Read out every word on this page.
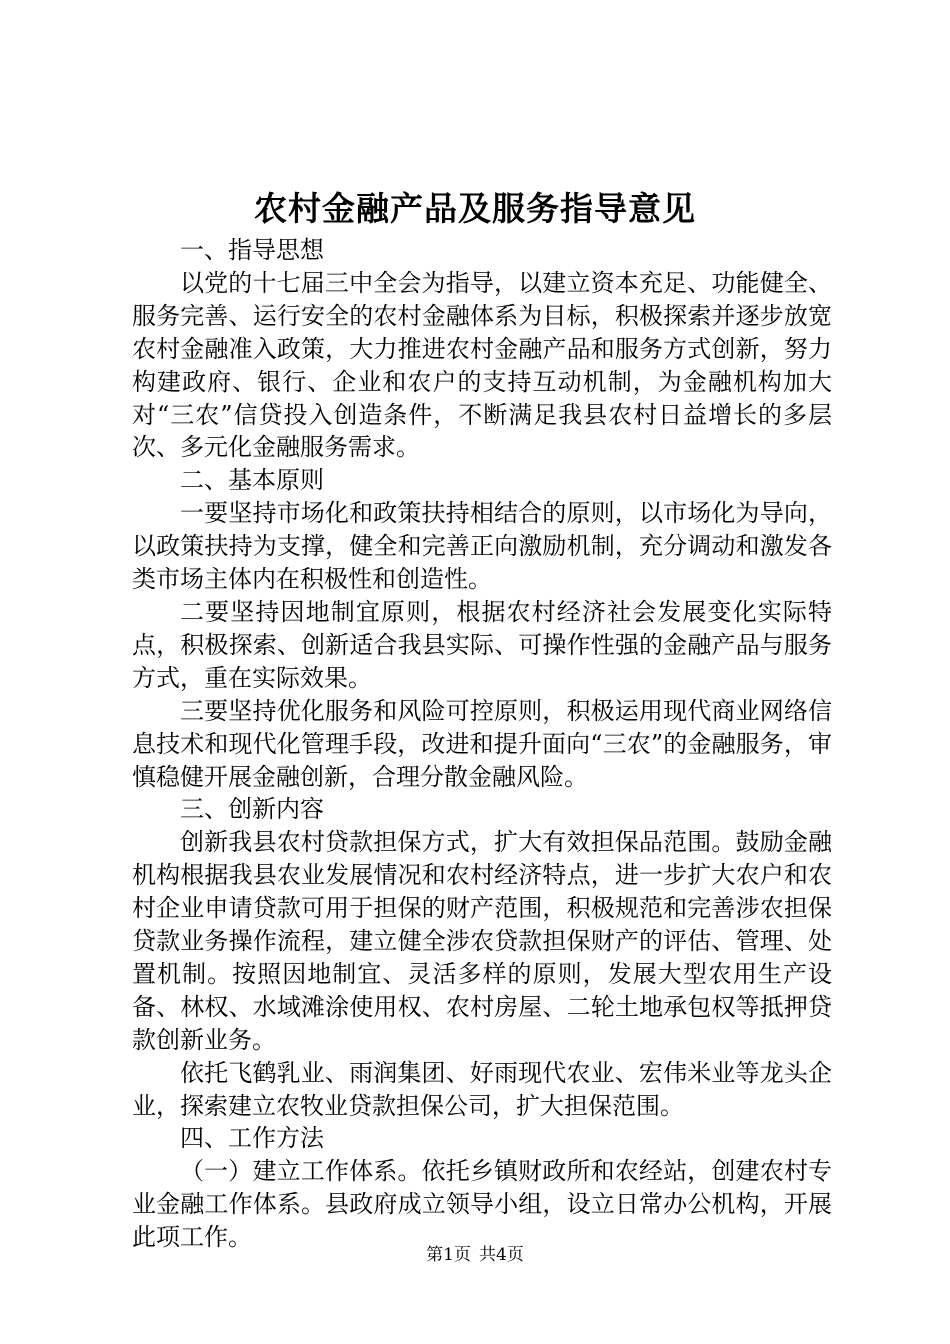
农村金融产品及服务指导意见

一、指导思想

以党的十七届三中全会为指导，以建立资本充足、功能健全、服务完善、运行安全的农村金融体系为目标，积极探索并逐步放宽农村金融准入政策，大力推进农村金融产品和服务方式创新，努力构建政府、银行、企业和农户的支持互动机制，为金融机构加大对“三农”信贷投入创造条件，不断满足我县农村日益增长的多层次、多元化金融服务需求。

二、基本原则

一要坚持市场化和政策扶持相结合的原则，以市场化为导向，以政策扶持为支撑，健全和完善正向激励机制，充分调动和激发各类市场主体内在积极性和创造性。

二要坚持因地制宜原则，根据农村经济社会发展变化实际特点，积极探索、创新适合我县实际、可操作性强的金融产品与服务方式，重在实际效果。

三要坚持优化服务和风险可控原则，积极运用现代商业网络信息技术和现代化管理手段，改进和提升面向“三农”的金融服务，审慎稳健开展金融创新，合理分散金融风险。

三、创新内容

创新我县农村贷款担保方式，扩大有效担保品范围。鼓励金融机构根据我县农业发展情况和农村经济特点，进一步扩大农户和农村企业申请贷款可用于担保的财产范围，积极规范和完善涉农担保贷款业务操作流程，建立健全涉农贷款担保财产的评估、管理、处置机制。按照因地制宜、灵活多样的原则，发展大型农用生产设备、林权、水域滩涂使用权、农村房屋、二轮土地承包权等抵押贷款创新业务。

依托飞鹤乳业、雨润集团、好雨现代农业、宏伟米业等龙头企业，探索建立农牧业贷款担保公司，扩大担保范围。

四、工作方法

（一）建立工作体系。依托乡镇财政所和农经站，创建农村专业金融工作体系。县政府成立领导小组，设立日常办公机构，开展此项工作。

第1页 共4页
